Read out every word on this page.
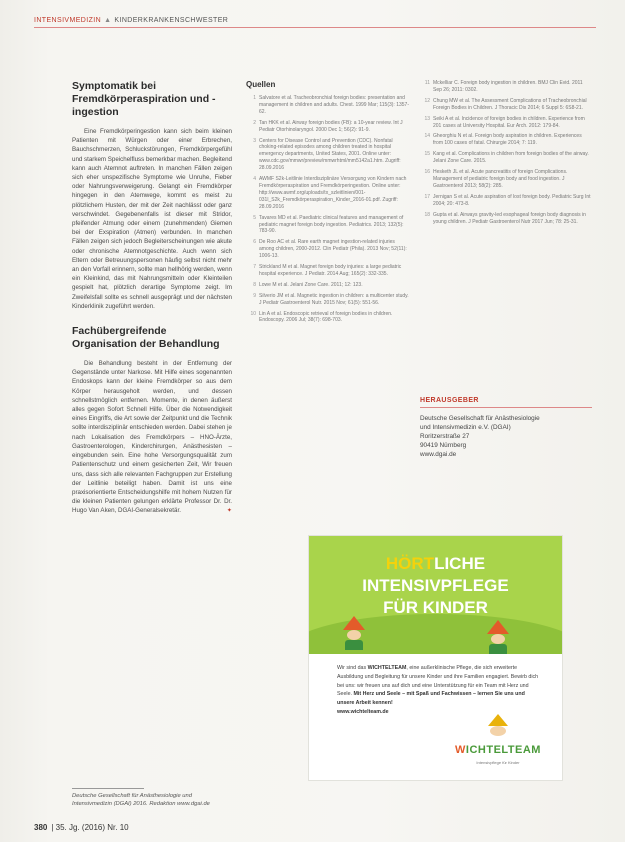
INTENSIVMEDIZIN ▲ KINDERKRANKENSCHWESTER
Symptomatik bei Fremdkörperaspiration und -ingestion

Eine Fremdkörperingestion kann sich beim kleinen Patienten mit Würgen oder einer Erbrechen, Bauchschmerzen, Schluckstörungen, Fremdkörpergefühl und starkem Speichelfluss bemerkbar machen. Begleitend kann auch Atemnot auftreten. In manchen Fällen zeigen sich eher unspezifische Symptome wie Unruhe, Fieber oder Nahrungsverweigerung. Gelangt ein Fremdkörper hingegen in den Atemwege, kommt es meist zu plötzlichem Husten, der mit der Zeit nachlässt oder ganz verschwindet. Gegebenenfalls ist dieser mit Stridor, pfeifender Atmung oder einem (zunehmenden) Giemen bei der Exspiration (Atmen) verbunden. In manchen Fällen zeigen sich jedoch Begleiterscheinungen wie akute oder chronische Atemnotgeschichte. Auch wenn sich Eltern oder Betreuungspersonen häufig selbst nicht mehr an den Vorfall erinnern, sollte man hellhörig werden, wenn ein Kleinkind, das mit Nahrungsmitteln oder Kleinteilen gespielt hat, plötzlich derartige Symptome zeigt. Im Zweifelsfall sollte es schnell ausgeprägt und der nächsten Kinderklinik zugeführt werden.

Fachübergreifende Organisation der Behandlung

Die Behandlung besteht in der Entfernung der Gegenstände unter Narkose. Mit Hilfe eines sogenannten Endoskops kann der kleine Fremdkörper so aus dem Körper herausgeholt werden, und dessen schnellstmöglich entfernen. Momente, in denen äußerst alles gegen Sofort Schnell Hilfe. Über die Notwendigkeit eines Eingriffs, die Art sowie der Zeitpunkt und die Technik sollte interdisziplinär entschieden werden. Dabei stehen je nach Lokalisation des Fremdkörpers – HNO-Ärzte, Gastroenterologen, Kinderchirurgen, Anästhesisten – eingebunden sein. Eine hohe Versorgungsqualität zum Patientenschutz und einem gesicherten Zeit, Wir freuen uns, dass sich alle relevanten Fachgruppen zur Erstellung der Leitlinie beteiligt haben. Damit ist uns eine praxisorientierte Entscheidungshilfe mit hohem Nutzen für die kleinen Patienten gelungen erklärte Professor Dr. Dr. Hugo Van Aken, DGAI-Generalsekretär.	✦

Deutsche Gesellschaft für Anästhesiologie und Intensivmedizin (DGAI) 2016. Redaktion www.dgai.de
380 | 35. Jg. (2016) Nr. 10
Quellen
1 Salvatore et al. Tracheobronchial foreign bodies: presentation and management in children and adults. Chest. 1999 Mar; 115(3): 1357-62.
2 Tan HKK et al. Airway foreign bodies (FB): a 10-year review. Int J Pediatr Otorhinolaryngol. 2000 Dec 1; 56(2): 91-9.
3 Centers for Disease Control and Prevention (CDC). Nonfatal choking-related episodes among children treated in hospital emergency departments, United States, 2001. Online unter: www.cdc.gov/mmwr/preview/mmwrhtml/mm5142a1.htm. Zugriff: 28.09.2016
4 AWMF S2k-Leitlinie Interdisziplinäre Versorgung von Kindern nach Fremdkörperaspiration und Fremdkörperingestion. Online unter: http://www.awmf.org/uploads/tx_szleitlinien/001-031l_S2k_Fremdkörperaspiration_Kinder_2016-01.pdf. Zugriff: 28.09.2016
5 Tavares MD et al. Paediatric clinical features and management of pediatric magnet foreign body ingestion. Pediatrics. 2013; 132(5): 783-90.
6 De Roo AC et al. Rare earth magnet ingestion-related injuries among children, 2000-2012. Clin Pediatr (Phila). 2013 Nov; 52(11): 1006-13.
7 Strickland M et al. Magnet foreign body injuries: a large pediatric hospital experience. J Pediatr. 2014 Aug; 165(2): 332-335.
8 Lowe M et al. Jelani Zone Care. 2011; 12: 123.
9 Silverio JM et al. Magnetic ingestion in children: a multicenter study. J Pediatr Gastroenterol Nutr. 2015 Nov; 61(5): 551-56.
10 Lin A et al. Endoscopic retrieval of foreign bodies in children. Endoscopy. 2006 Jul; 38(7): 698-703.
11 Mckelliar C. Foreign body ingestion in children. BMJ Clin Evid. 2011 Sep 26; 2011: 0302.
12 Chung MW et al. The Assessment Complications of Tracheobronchial Foreign Bodies in Children. J Thoracic Dis 2014; 6 Suppl 5: 6S8-21.
13 Seiki A et al. Incidence of foreign bodies in children. Experience from 201 cases at University Hospital. Eur Arch. 2012: 179-84.
14 Gheorghiu N et al. Foreign body aspiration in children. Experiences from 100 cases of fatal. Chirurgie 2014; 7: 119.
15 Kang et al. Complications in children from foreign bodies of the airway. Jelani Zone Care. 2015.
16 Hesketh JL et al. Acute pancreatitis of foreign Complications. Management of pediatric foreign body and food ingestion. J Gastroenterol 2013; 58(2): 285.
17 Jernigan S et al. Acute aspiration of lost foreign body. Pediatric Surg Int 2004; 20: 473-8.
18 Gupta et al. Airways gravity-led esophageal foreign body diagnosis in young children. J Pediatr Gastroenterol Nutr 2017 Jun; 78: 25-31.
HERAUSGEBER
Deutsche Gesellschaft für Anästhesiologie
und Intensivmedizin e.V. (DGAI)
Roritzerstraße 27
90419 Nürnberg
www.dgai.de
HÖRTLICHE
INTENSIVPFLEGE
FÜR KINDER
Wir sind das WICHTELTEAM, eine außerklinische Pflege, die sich erweiterte Ausbildung und Begleitung für unsere Kinder und ihre Familien engagiert. Bewirb dich bei uns: wir freuen uns auf dich und eine Unterstützung für ein Team mit Herz und Seele. Mit Herz und Seele – mit Spaß und Fachwissen – lernen Sie uns und unsere Arbeit kennen!
www.wichtelteam.de
WICHTELTEAM
Intensivpflege für Kinder
